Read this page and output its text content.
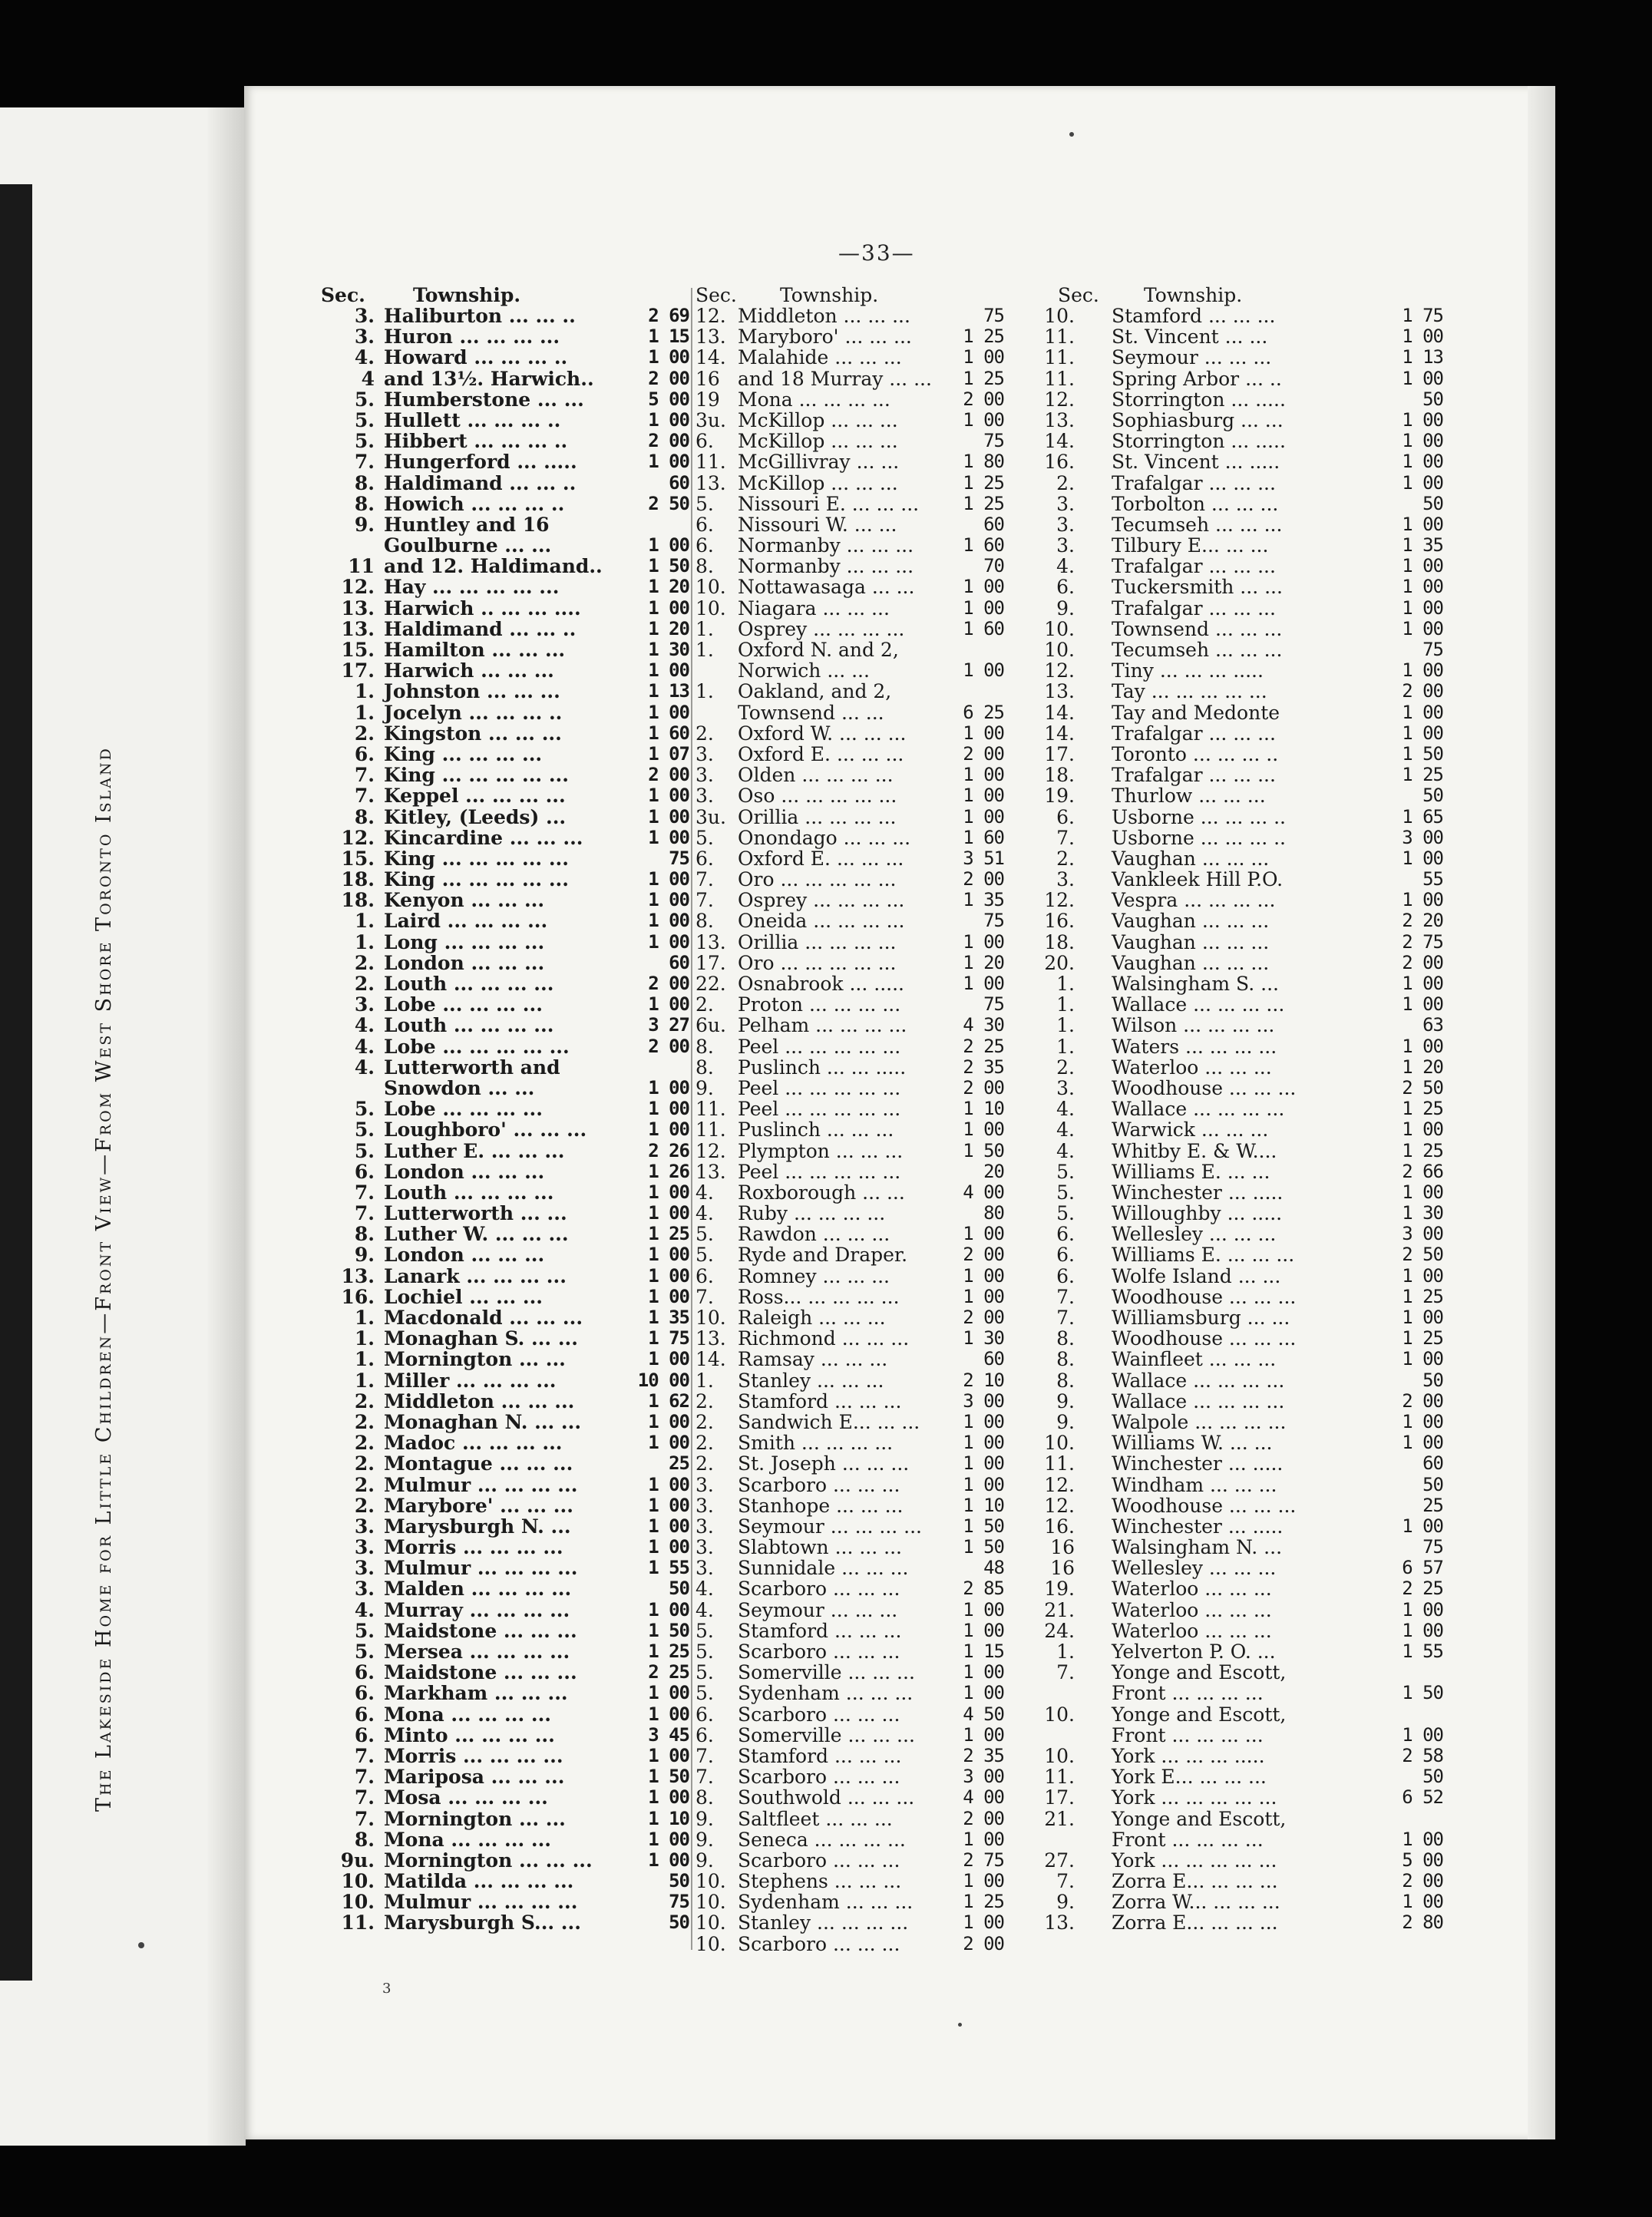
The Lakeside Home for Little Children—Front View—From West Shore Toronto Island
—33—
Sec. Township.
3. Haliburton ... ... ..	2 69
3. Huron ... ... ... ...	1 15
4. Howard ... ... ... ..	1 00
4 and 13½. Harwich..	2 00
5. Humberstone ... ...	5 00
5. Hullett ... ... ... ..	1 00
5. Hibbert ... ... ... ..	2 00
7. Hungerford ... .....	1 00
8. Haldimand ... ... ..	60
8. Howich ... ... ... ..	2 50
9. Huntley and 16
Goulburne ... ...	1 00
11 and 12. Haldimand..	1 50
12. Hay ... ... ... ... ...	1 20
13. Harwich .. ... ... ....	1 00
13. Haldimand ... ... ..	1 20
15. Hamilton ... ... ...	1 30
17. Harwich ... ... ...	1 00
1. Johnston ... ... ...	1 13
1. Jocelyn ... ... ... ..	1 00
2. Kingston ... ... ...	1 60
6. King ... ... ... ...	1 07
7. King ... ... ... ... ...	2 00
7. Keppel ... ... ... ...	1 00
8. Kitley, (Leeds) ...	1 00
12. Kincardine ... ... ...	1 00
15. King ... ... ... ... ...	75
18. King ... ... ... ... ...	1 00
18. Kenyon ... ... ...	1 00
1. Laird ... ... ... ...	1 00
1. Long ... ... ... ...	1 00
2. London ... ... ...	60
2. Louth ... ... ... ...	2 00
3. Lobe ... ... ... ...	1 00
4. Louth ... ... ... ...	3 27
4. Lobe ... ... ... ... ...	2 00
4. Lutterworth and
Snowdon ... ...	1 00
5. Lobe ... ... ... ...	1 00
5. Loughboro' ... ... ...	1 00
5. Luther E. ... ... ...	2 26
6. London ... ... ...	1 26
7. Louth ... ... ... ...	1 00
7. Lutterworth ... ...	1 00
8. Luther W. ... ... ...	1 25
9. London ... ... ...	1 00
13. Lanark ... ... ... ...	1 00
16. Lochiel ... ... ...	1 00
1. Macdonald ... ... ...	1 35
1. Monaghan S. ... ...	1 75
1. Mornington ... ...	1 00
1. Miller ... ... ... ...	10 00
2. Middleton ... ... ...	1 62
2. Monaghan N. ... ...	1 00
2. Madoc ... ... ... ...	1 00
2. Montague ... ... ...	25
2. Mulmur ... ... ... ...	1 00
2. Marybore' ... ... ...	1 00
3. Marysburgh N. ...	1 00
3. Morris ... ... ... ...	1 00
3. Mulmur ... ... ... ...	1 55
3. Malden ... ... ... ...	50
4. Murray ... ... ... ...	1 00
5. Maidstone ... ... ...	1 50
5. Mersea ... ... ... ...	1 25
6. Maidstone ... ... ...	2 25
6. Markham ... ... ...	1 00
6. Mona ... ... ... ...	1 00
6. Minto ... ... ... ...	3 45
7. Morris ... ... ... ...	1 00
7. Mariposa ... ... ...	1 50
7. Mosa ... ... ... ...	1 00
7. Mornington ... ...	1 10
8. Mona ... ... ... ...	1 00
9u. Mornington ... ... ...	1 00
10. Matilda ... ... ... ...	50
10. Mulmur ... ... ... ...	75
11. Marysburgh S... ...	50
Sec. Township.
12. Middleton ... ... ...	75
13. Maryboro' ... ... ...	1 25
14. Malahide ... ... ...	1 00
16 and 18 Murray ... ...	1 25
19 Mona ... ... ... ...	2 00
3u. McKillop ... ... ...	1 00
6.	McKillop ... ... ...	75
11. McGillivray ... ...	1 80
13. McKillop ... ... ...	1 25
5.	Nissouri E. ... ... ...	1 25
6.	Nissouri W. ... ...	60
6.	Normanby ... ... ...	1 60
8.	Normanby ... ... ...	70
10. Nottawasaga ... ...	1 00
10. Niagara ... ... ...	1 00
1.	Osprey ... ... ... ...	1 60
1.	Oxford N. and 2,
Norwich ... ...	1 00
1.	Oakland, and 2,
Townsend ... ...	6 25
2.	Oxford W. ... ... ...	1 00
3.	Oxford E. ... ... ...	2 00
3.	Olden ... ... ... ...	1 00
3.	Oso ... ... ... ... ...	1 00
3u. Orillia ... ... ... ...	1 00
5.	Onondago ... ... ...	1 60
6.	Oxford E. ... ... ...	3 51
7.	Oro ... ... ... ... ...	2 00
7.	Osprey ... ... ... ...	1 35
8.	Oneida ... ... ... ...	75
13. Orillia ... ... ... ...	1 00
17. Oro ... ... ... ... ...	1 20
22. Osnabrook ... .....	1 00
2.	Proton ... ... ... ...	75
6u. Pelham ... ... ... ...	4 30
8.	Peel ... ... ... ... ...	2 25
8.	Puslinch ... ... .....	2 35
9.	Peel ... ... ... ... ...	2 00
11. Peel ... ... ... ... ...	1 10
11. Puslinch ... ... ...	1 00
12. Plympton ... ... ...	1 50
13. Peel ... ... ... ... ...	20
4.	Roxborough ... ...	4 00
4.	Ruby ... ... ... ...	80
5.	Rawdon ... ... ...	1 00
5.	Ryde and Draper.	2 00
6.	Romney ... ... ...	1 00
7.	Ross... ... ... ... ...	1 00
10. Raleigh ... ... ...	2 00
13. Richmond ... ... ...	1 30
14. Ramsay ... ... ...	60
1.	Stanley ... ... ...	2 10
2.	Stamford ... ... ...	3 00
2.	Sandwich E... ... ...	1 00
2.	Smith ... ... ... ...	1 00
2.	St. Joseph ... ... ...	1 00
3.	Scarboro ... ... ...	1 00
3.	Stanhope ... ... ...	1 10
3.	Seymour ... ... ... ...	1 50
3.	Slabtown ... ... ...	1 50
3.	Sunnidale ... ... ...	48
4.	Scarboro ... ... ...	2 85
4.	Seymour ... ... ...	1 00
5.	Stamford ... ... ...	1 00
5.	Scarboro ... ... ...	1 15
5.	Somerville ... ... ...	1 00
5.	Sydenham ... ... ...	1 00
6.	Scarboro ... ... ...	4 50
6.	Somerville ... ... ...	1 00
7.	Stamford ... ... ...	2 35
7.	Scarboro ... ... ...	3 00
8.	Southwold ... ... ...	4 00
9.	Saltfleet ... ... ...	2 00
9.	Seneca ... ... ... ...	1 00
9.	Scarboro ... ... ...	2 75
10. Stephens ... ... ...	1 00
10. Sydenham ... ... ...	1 25
10. Stanley ... ... ... ...	1 00
10. Scarboro ... ... ...	2 00
Sec. Township.
10. Stamford ... ... ...	1 75
11. St. Vincent ... ...	1 00
11. Seymour ... ... ...	1 13
11. Spring Arbor ... ..	1 00
12. Storrington ... .....	50
13. Sophiasburg ... ...	1 00
14. Storrington ... .....	1 00
16. St. Vincent ... .....	1 00
2. Trafalgar ... ... ...	1 00
3. Torbolton ... ... ...	50
3. Tecumseh ... ... ...	1 00
3. Tilbury E... ... ...	1 35
4. Trafalgar ... ... ...	1 00
6. Tuckersmith ... ...	1 00
9. Trafalgar ... ... ...	1 00
10. Townsend ... ... ...	1 00
10. Tecumseh ... ... ...	75
12. Tiny ... ... ... .....	1 00
13. Tay ... ... ... ... ...	2 00
14. Tay and Medonte	1 00
14. Trafalgar ... ... ...	1 00
17. Toronto ... ... ... ..	1 50
18. Trafalgar ... ... ...	1 25
19. Thurlow ... ... ...	50
6. Usborne ... ... ... ..	1 65
7. Usborne ... ... ... ..	3 00
2. Vaughan ... ... ...	1 00
3. Vankleek Hill P.O.	55
12. Vespra ... ... ... ...	1 00
16. Vaughan ... ... ...	2 20
18. Vaughan ... ... ...	2 75
20. Vaughan ... ... ...	2 00
1. Walsingham S. ...	1 00
1. Wallace ... ... ... ...	1 00
1. Wilson ... ... ... ...	63
1. Waters ... ... ... ...	1 00
2. Waterloo ... ... ...	1 20
3. Woodhouse ... ... ...	2 50
4. Wallace ... ... ... ...	1 25
4. Warwick ... ... ...	1 00
4. Whitby E. & W....	1 25
5. Williams E. ... ...	2 66
5. Winchester ... .....	1 00
5. Willoughby ... .....	1 30
6. Wellesley ... ... ...	3 00
6. Williams E. ... ... ...	2 50
6. Wolfe Island ... ...	1 00
7. Woodhouse ... ... ...	1 25
7. Williamsburg ... ...	1 00
8. Woodhouse ... ... ...	1 25
8. Wainfleet ... ... ...	1 00
8. Wallace ... ... ... ...	50
9. Wallace ... ... ... ...	2 00
9. Walpole ... ... ... ...	1 00
10. Williams W. ... ...	1 00
11. Winchester ... .....	60
12. Windham ... ... ...	50
12. Woodhouse ... ... ...	25
16. Winchester ... .....	1 00
16 Walsingham N. ...	75
16 Wellesley ... ... ...	6 57
19. Waterloo ... ... ...	2 25
21. Waterloo ... ... ...	1 00
24. Waterloo ... ... ...	1 00
1. Yelverton P. O. ...	1 55
7. Yonge and Escott,
Front ... ... ... ...	1 50
10. Yonge and Escott,
Front ... ... ... ...	1 00
10. York ... ... ... .....	2 58
11. York E... ... ... ...	50
17. York ... ... ... ... ...	6 52
21. Yonge and Escott,
Front ... ... ... ...	1 00
27. York ... ... ... ... ...	5 00
7. Zorra E... ... ... ...	2 00
9. Zorra W... ... ... ...	1 00
13. Zorra E... ... ... ...	2 80
3
